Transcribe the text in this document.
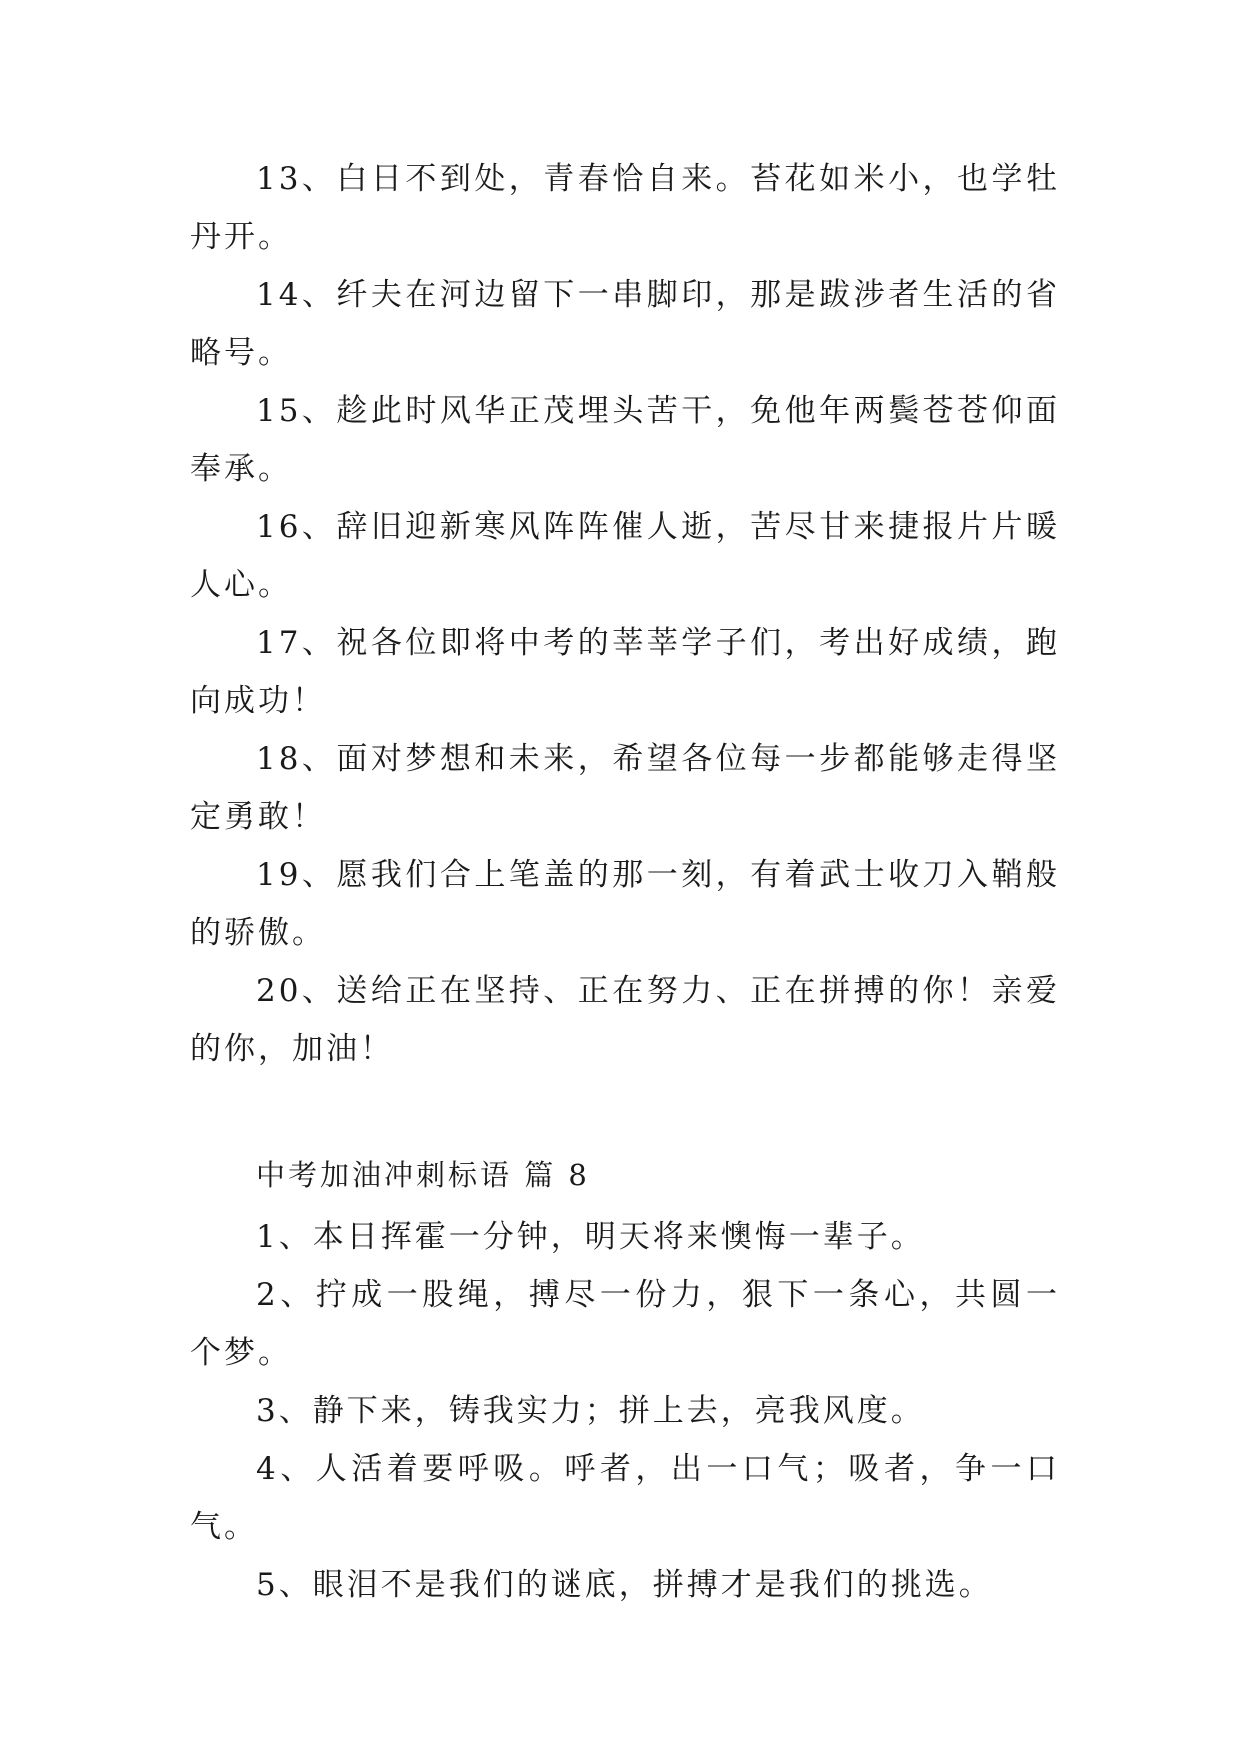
13、白日不到处，青春恰自来。苔花如米小，也学牡丹开。

14、纤夫在河边留下一串脚印，那是跋涉者生活的省略号。

15、趁此时风华正茂埋头苦干，免他年两鬓苍苍仰面奉承。

16、辞旧迎新寒风阵阵催人逝，苦尽甘来捷报片片暖人心。

17、祝各位即将中考的莘莘学子们，考出好成绩，跑向成功！

18、面对梦想和未来，希望各位每一步都能够走得坚定勇敢！

19、愿我们合上笔盖的那一刻，有着武士收刀入鞘般的骄傲。

20、送给正在坚持、正在努力、正在拼搏的你！亲爱的你，加油！

中考加油冲刺标语 篇 8

1、本日挥霍一分钟，明天将来懊悔一辈子。

2、拧成一股绳，搏尽一份力，狠下一条心，共圆一个梦。

3、静下来，铸我实力；拼上去，亮我风度。

4、人活着要呼吸。呼者，出一口气；吸者，争一口气。

5、眼泪不是我们的谜底，拼搏才是我们的挑选。
